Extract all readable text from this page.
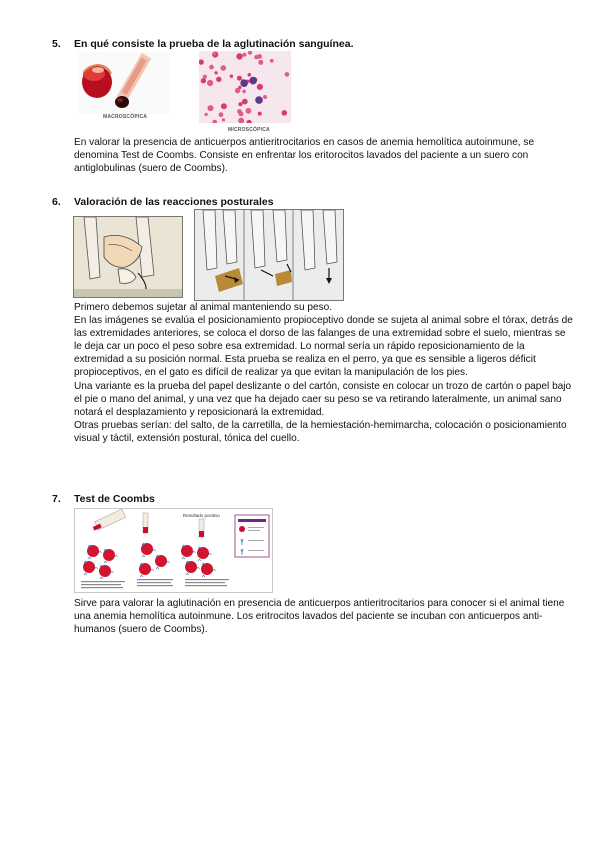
5. En qué consiste la prueba de la aglutinación sanguínea.
MACROSCÓPICA
MICROSCÓPICA

En valorar la presencia de anticuerpos antieritrocitarios en casos de anemia hemolítica autoinmune, se denomina Test de Coombs. Consiste en enfrentar los eritorocitos lavados del paciente a un suero con antiglobulinas (suero de Coombs).

6. Valoración de las reacciones posturales

Primero debemos sujetar al animal manteniendo su peso.

En las imágenes se evalúa el posicionamiento propioceptivo donde se sujeta al animal sobre el tórax, detrás de las extremidades anteriores, se coloca el dorso de las falanges de una extremidad sobre el suelo, mientras se le deja car un poco el peso sobre esa extremidad. Lo normal sería un rápido reposicionamiento de la extremidad a su posición normal. Esta prueba se realiza en el perro, ya que es sensible a ligeros déficit propioceptivos, en el gato es difícil de realizar ya que evitan la manipulación de los pies.

Una variante es la prueba del papel deslizante o del cartón, consiste en colocar un trozo de cartón o papel bajo el pie o mano del animal, y una vez que ha dejado caer su peso se va retirando lateralmente, un animal sano notará el desplazamiento y reposicionará la extremidad.

Otras pruebas serían: del salto, de la carretilla, de la hemiestación-hemimarcha, colocación o posicionamiento visual y táctil, extensión postural, tónica del cuello.

7. Test de Coombs
Resultado positivo

Sirve para valorar la aglutinación en presencia de anticuerpos antieritrocitarios para conocer si el animal tiene una anemia hemolítica autoinmune. Los eritrocitos lavados del paciente se incuban con anticuerpos anti-humanos (suero de Coombs).
